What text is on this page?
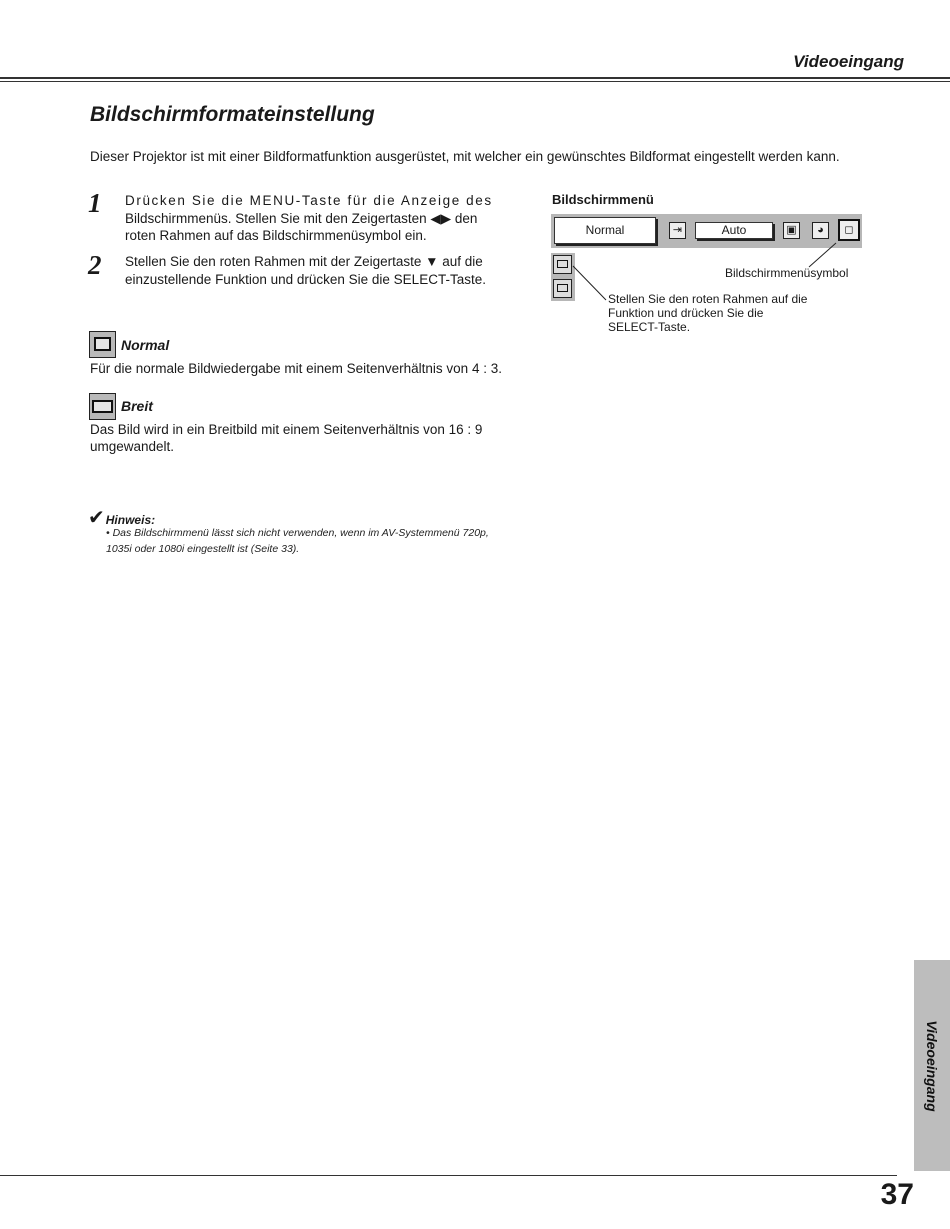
Videoeingang
Bildschirmformateinstellung
Dieser Projektor ist mit einer Bildformatfunktion ausgerüstet, mit welcher ein gewünschtes Bildformat eingestellt werden kann.
1 Drücken Sie die MENU-Taste für die Anzeige des
Bildschirmmenüs. Stellen Sie mit den Zeigertasten ◀▶ den
roten Rahmen auf das Bildschirmmenüsymbol ein.
2 Stellen Sie den roten Rahmen mit der Zeigertaste ▼ auf die
einzustellende Funktion und drücken Sie die SELECT-Taste.
Normal
Für die normale Bildwiedergabe mit einem Seitenverhältnis von 4 : 3.
Breit
Das Bild wird in ein Breitbild mit einem Seitenverhältnis von 16 : 9 umgewandelt.
✔Hinweis:
• Das Bildschirmmenü lässt sich nicht verwenden, wenn im AV-Systemmenü 720p, 1035i oder 1080i eingestellt ist (Seite 33).
Bildschirmmenü
Normal	⇥	Auto	▣	◕	◻
Bildschirmmenüsymbol
Stellen Sie den roten Rahmen auf die Funktion und drücken Sie die SELECT-Taste.
Videoeingang
37
